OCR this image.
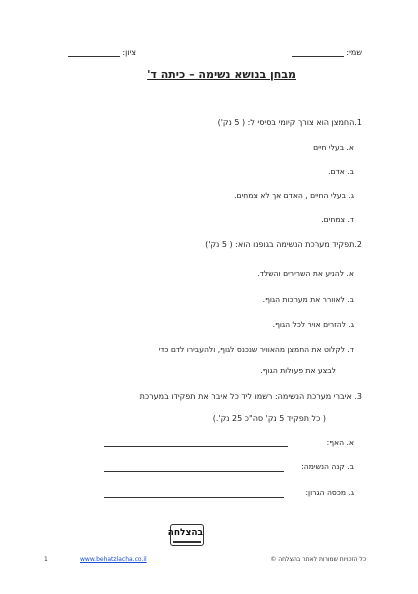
שמי:
ציון:
מבחן בנושא נשימה – כיתה ד'
1.החמצן הוא צורך קיומי בסיסי ל: ( 5 נק')
א. בעלי חיים
ב. אדם.
ג. בעלי החיים , האדם אך לא צמחים.
ד. צמחים.
2.תפקיד מערכת הנשימה בגופנו הוא: ( 5 נק')
א. להניע את השרירים והשלד.
ב. לאוורר את מערכות הגוף.
ג. להזרים אויר לכל הגוף.
ד. לקלוט את החמצן מהאוויר שנכנס לגוף, ולהעבירו לדם כדי
לבצע את פעולות הגוף.
3. איברי מערכת הנשימה: רשמו ליד כל איבר את תפקידו במערכת
( כל תפקיד 5 נק' סה"כ 25 נק'.)
א. האף:
ב. קנה הנשימה:
ג. מכסה הגרון:
בהצלחה
כל הזכויות שמורות לאתר בהצלחה ©
www.behatzlacha.co.il
1
